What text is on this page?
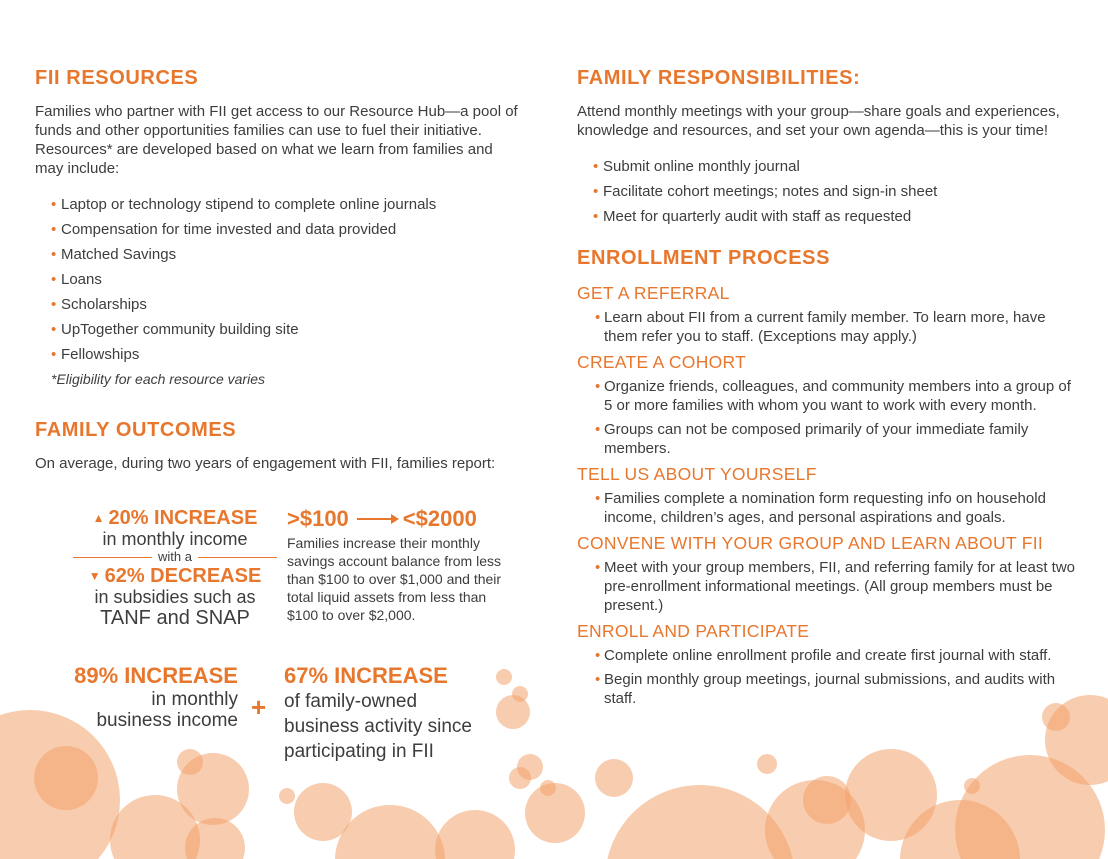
FII RESOURCES

Families who partner with FII get access to our Resource Hub—a pool of funds and other opportunities families can use to fuel their initiative. Resources* are developed based on what we learn from families and may include:

• Laptop or technology stipend to complete online journals
• Compensation for time invested and data provided
• Matched Savings
• Loans
• Scholarships
• UpTogether community building site
• Fellowships

*Eligibility for each resource varies

FAMILY OUTCOMES

On average, during two years of engagement with FII, families report:

▲ 20% INCREASE
in monthly income
with a
▼ 62% DECREASE
in subsidies such as
TANF and SNAP
>$100 <$2000
Families increase their monthly savings account balance from less than $100 to over $1,000 and their total liquid assets from less than $100 to over $2,000.
89% INCREASE
in monthly
business income +
67% INCREASE
of family-owned
business activity since
participating in FII
FAMILY RESPONSIBILITIES:

Attend monthly meetings with your group—share goals and experiences, knowledge and resources, and set your own agenda—this is your time!

• Submit online monthly journal
• Facilitate cohort meetings; notes and sign-in sheet
• Meet for quarterly audit with staff as requested
ENROLLMENT PROCESS
GET A REFERRAL
• Learn about FII from a current family member. To learn more, have them refer you to staff. (Exceptions may apply.)
CREATE A COHORT
• Organize friends, colleagues, and community members into a group of 5 or more families with whom you want to work with every month.
• Groups can not be composed primarily of your immediate family members.
TELL US ABOUT YOURSELF
• Families complete a nomination form requesting info on household income, children’s ages, and personal aspirations and goals.
CONVENE WITH YOUR GROUP AND LEARN ABOUT FII
• Meet with your group members, FII, and referring family for at least two pre-enrollment informational meetings. (All group members must be present.)
ENROLL AND PARTICIPATE
• Complete online enrollment profile and create first journal with staff.
• Begin monthly group meetings, journal submissions, and audits with staff.
